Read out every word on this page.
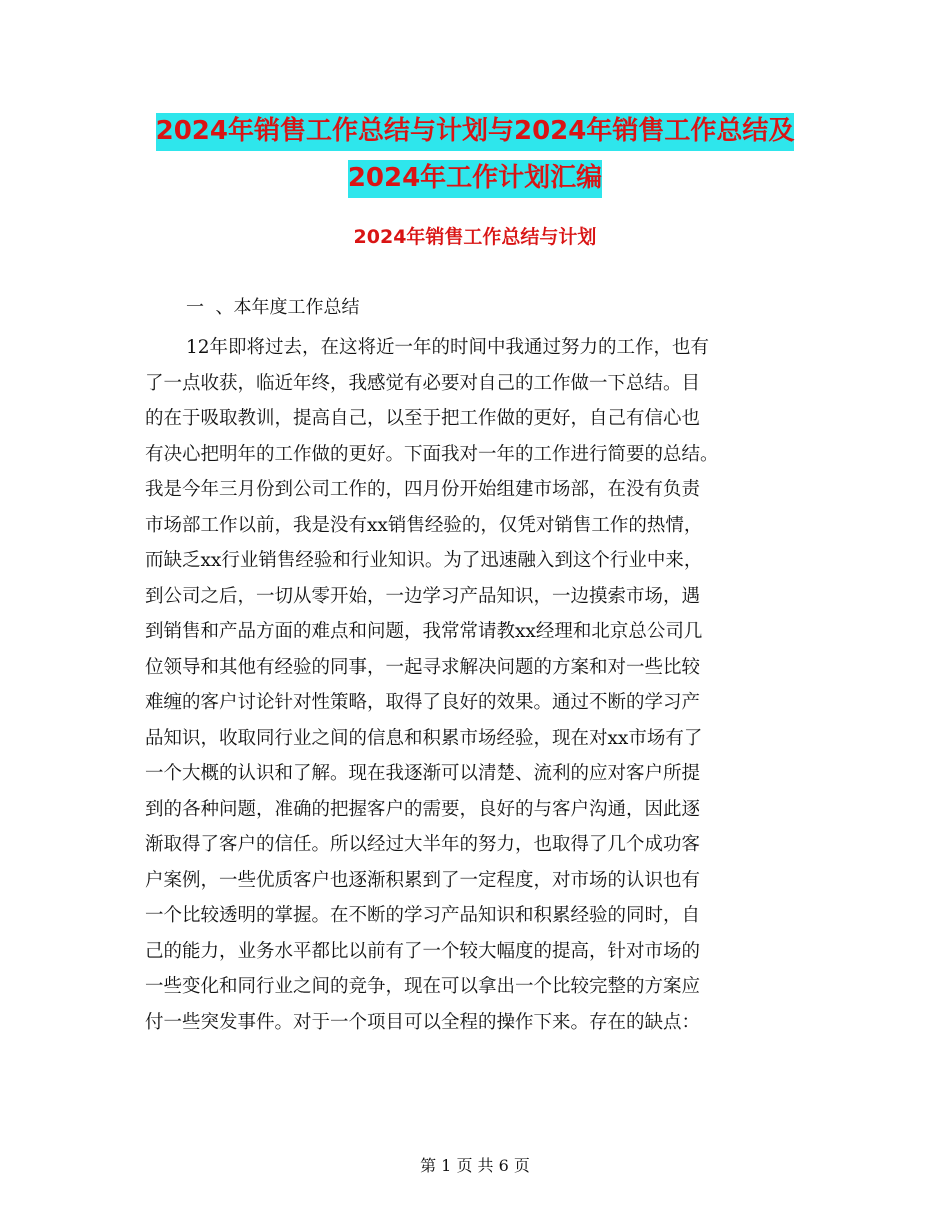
2024年销售工作总结与计划与2024年销售工作总结及
2024年工作计划汇编
2024年销售工作总结与计划

一  、本年度工作总结

12年即将过去，在这将近一年的时间中我通过努力的工作，也有
了一点收获，临近年终，我感觉有必要对自己的工作做一下总结。目
的在于吸取教训，提高自己，以至于把工作做的更好，自己有信心也
有决心把明年的工作做的更好。下面我对一年的工作进行简要的总结。
我是今年三月份到公司工作的，四月份开始组建市场部，在没有负责
市场部工作以前，我是没有xx销售经验的，仅凭对销售工作的热情，
而缺乏xx行业销售经验和行业知识。为了迅速融入到这个行业中来，
到公司之后，一切从零开始，一边学习产品知识，一边摸索市场，遇
到销售和产品方面的难点和问题，我常常请教xx经理和北京总公司几
位领导和其他有经验的同事，一起寻求解决问题的方案和对一些比较
难缠的客户讨论针对性策略，取得了良好的效果。通过不断的学习产
品知识，收取同行业之间的信息和积累市场经验，现在对xx市场有了
一个大概的认识和了解。现在我逐渐可以清楚、流利的应对客户所提
到的各种问题，准确的把握客户的需要，良好的与客户沟通，因此逐
渐取得了客户的信任。所以经过大半年的努力，也取得了几个成功客
户案例，一些优质客户也逐渐积累到了一定程度，对市场的认识也有
一个比较透明的掌握。在不断的学习产品知识和积累经验的同时，自
己的能力，业务水平都比以前有了一个较大幅度的提高，针对市场的
一些变化和同行业之间的竞争，现在可以拿出一个比较完整的方案应
付一些突发事件。对于一个项目可以全程的操作下来。存在的缺点：
第 1 页 共 6 页
